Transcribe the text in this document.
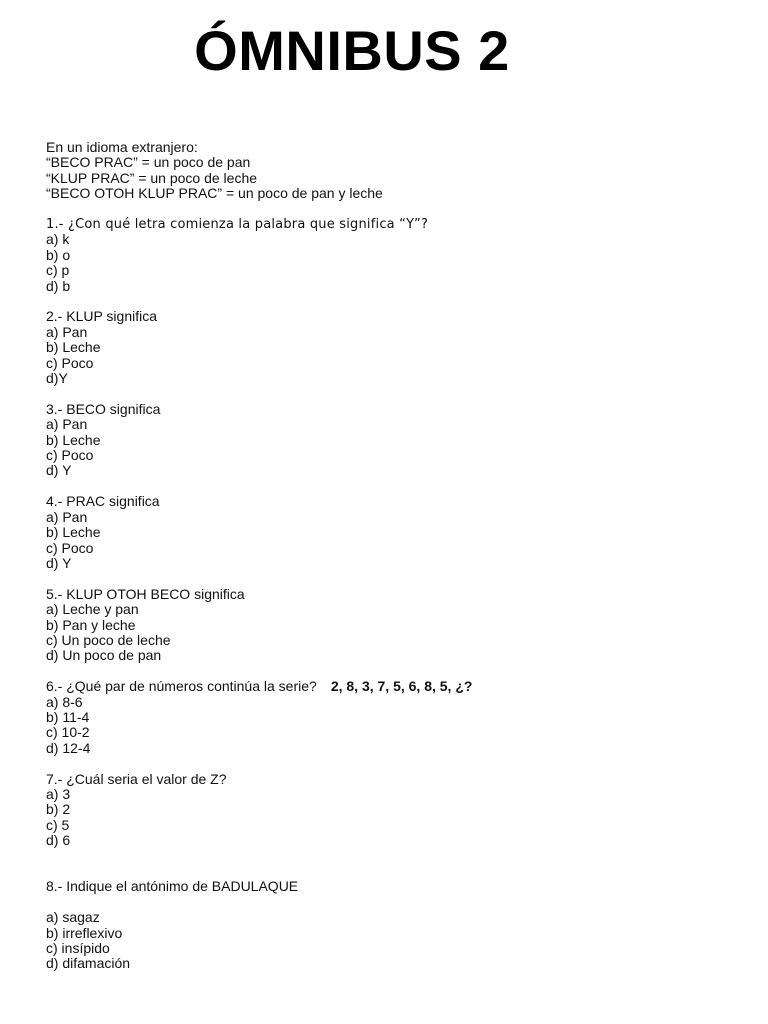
ÓMNIBUS 2

En un idioma extranjero:

“BECO PRAC” = un poco de pan

“KLUP PRAC” = un poco de leche

“BECO OTOH KLUP PRAC” = un poco de pan y leche

1.- ¿Con qué letra comienza la palabra que significa “Y”?

a) k

b) o

c) p

d) b

2.- KLUP significa

a) Pan

b) Leche

c) Poco

d)Y

3.- BECO significa

a) Pan

b) Leche

c) Poco

d) Y

4.- PRAC significa

a) Pan

b) Leche

c) Poco

d) Y

5.- KLUP OTOH BECO significa

a) Leche y pan

b) Pan y leche

c) Un poco de leche

d) Un poco de pan

6.- ¿Qué par de números continúa la serie? 2, 8, 3, 7, 5, 6, 8, 5, ¿?

a) 8-6

b) 11-4

c) 10-2

d) 12-4

7.- ¿Cuál seria el valor de Z?

a) 3

b) 2

c) 5

d) 6

8.- Indique el antónimo de BADULAQUE

a) sagaz

b) irreflexivo

c) insípido

d) difamación
